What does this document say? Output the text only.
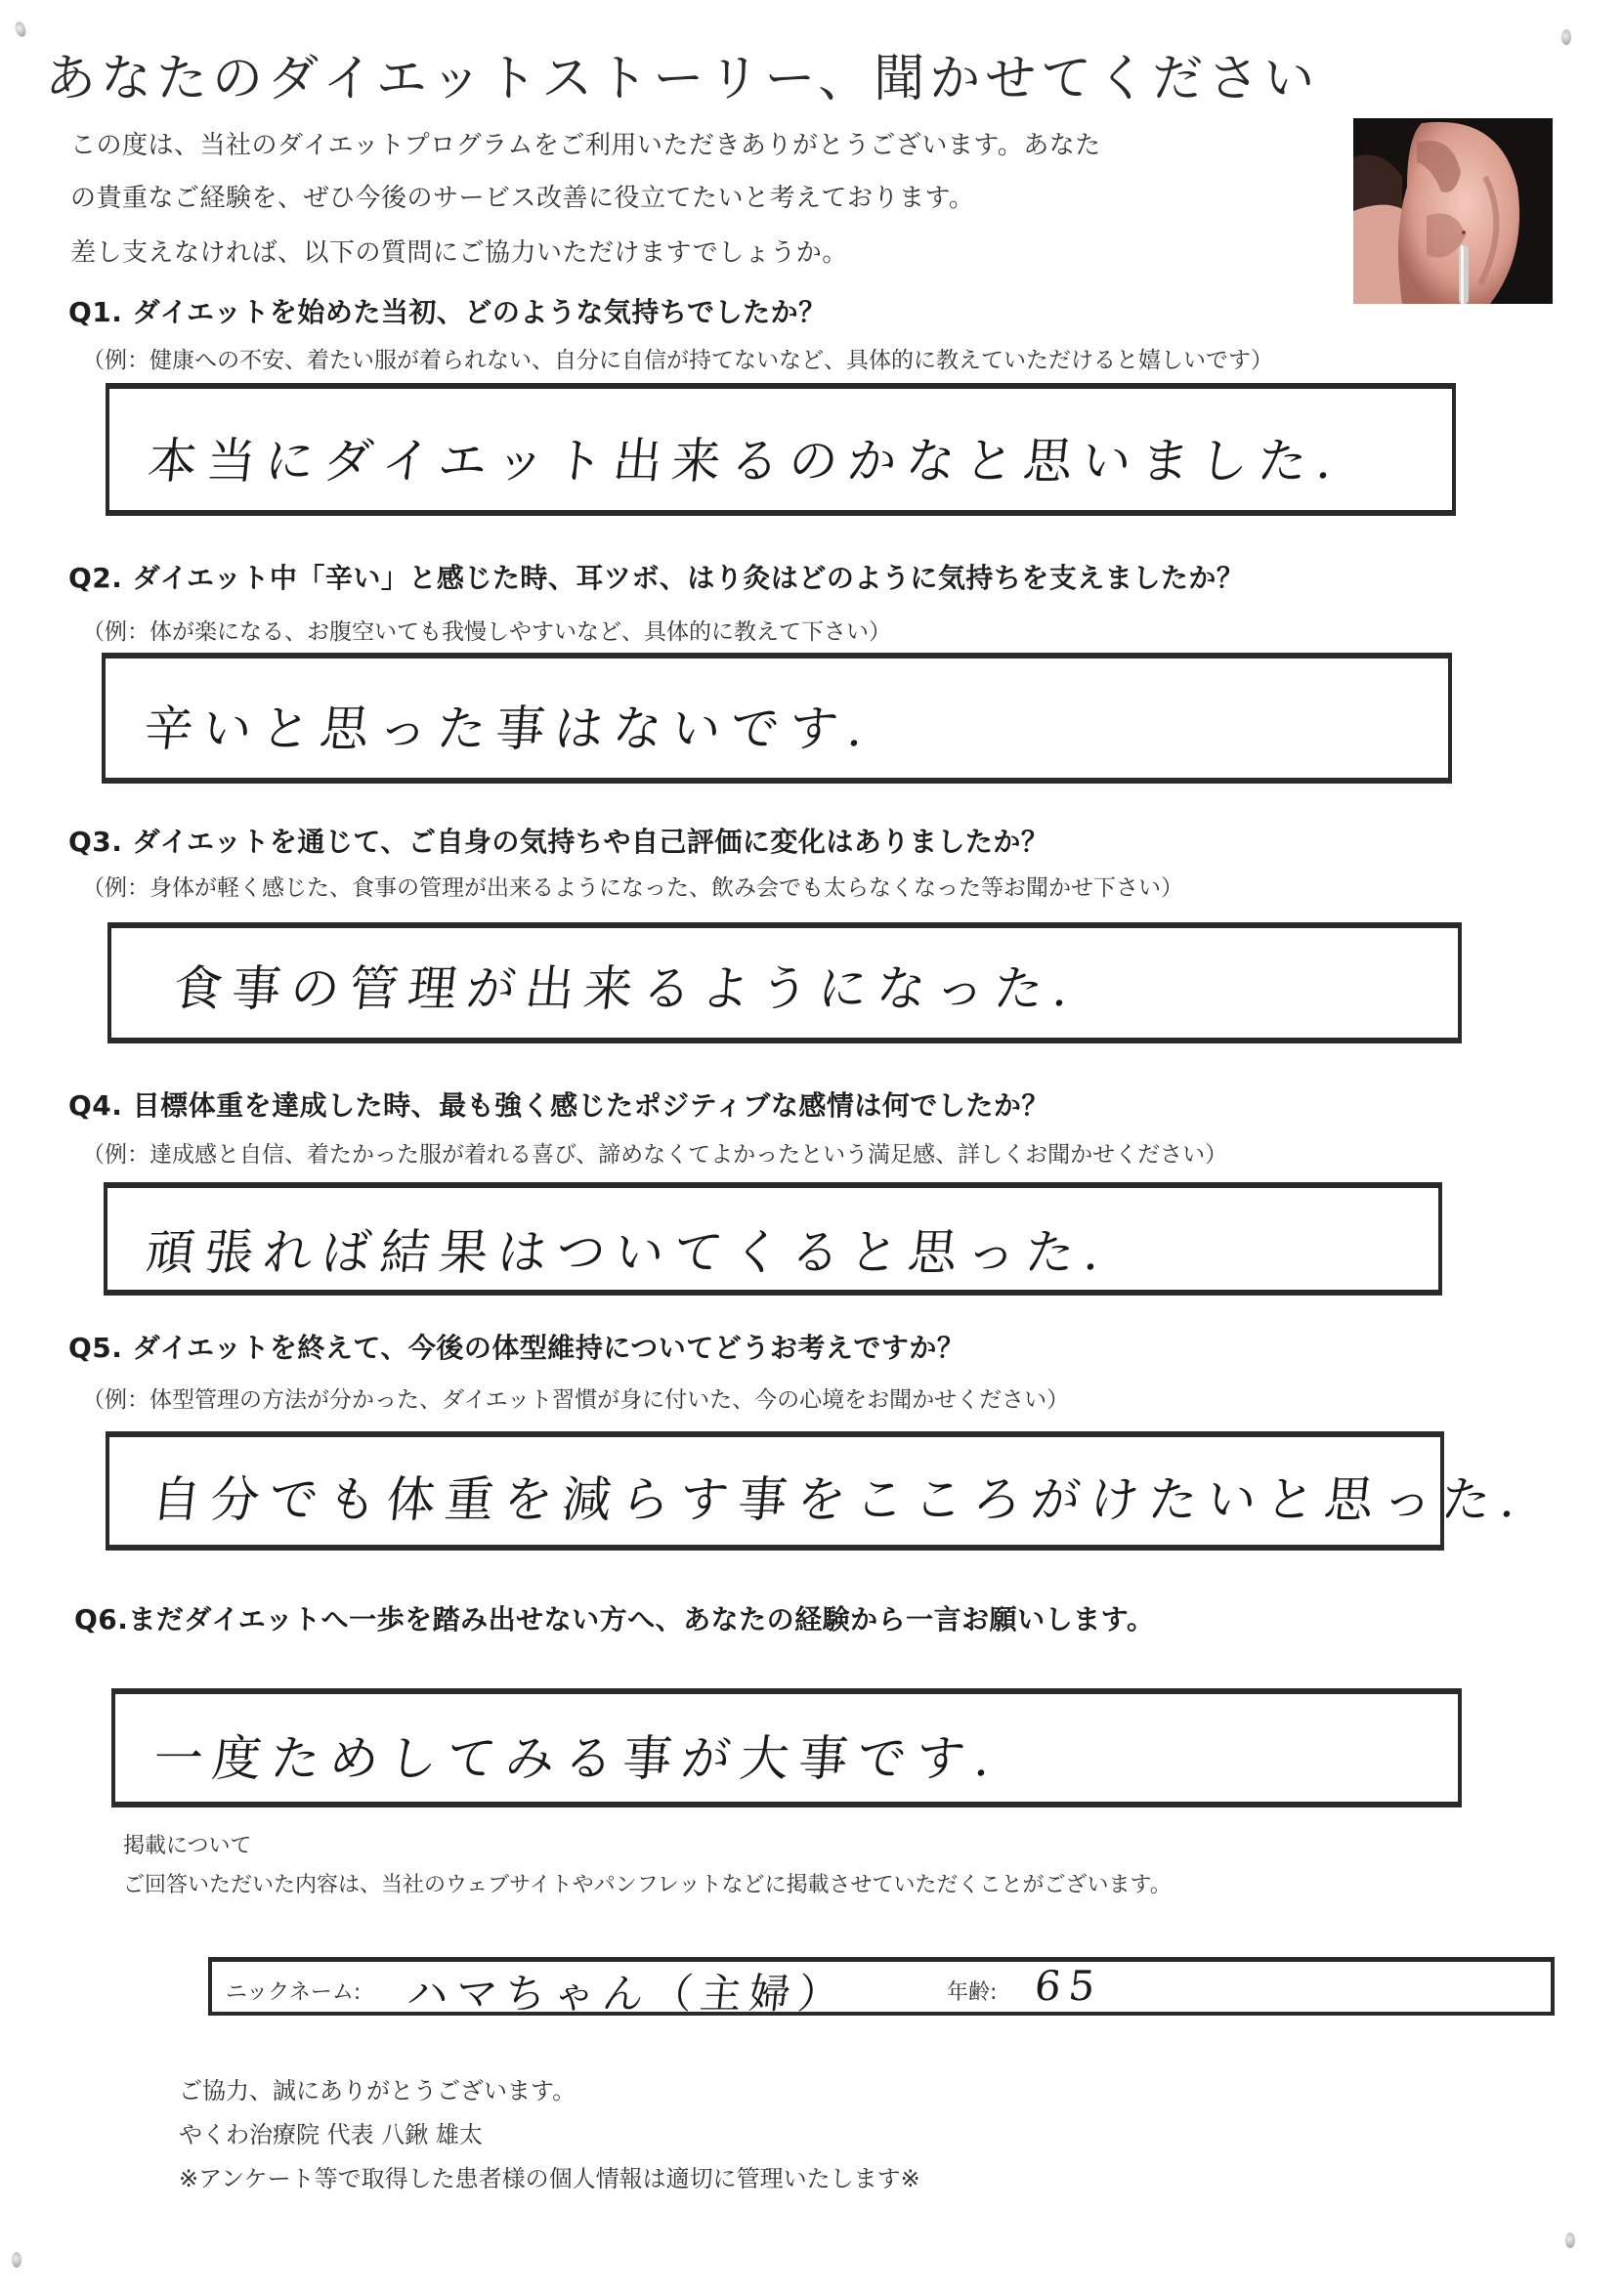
あなたのダイエットストーリー、聞かせてください
この度は、当社のダイエットプログラムをご利用いただきありがとうございます。あなた
の貴重なご経験を、ぜひ今後のサービス改善に役立てたいと考えております。
差し支えなければ、以下の質問にご協力いただけますでしょうか。
Q1. ダイエットを始めた当初、どのような気持ちでしたか？
（例：健康への不安、着たい服が着られない、自分に自信が持てないなど、具体的に教えていただけると嬉しいです）
本当にダイエット出来るのかなと思いました.
Q2. ダイエット中「辛い」と感じた時、耳ツボ、はり灸はどのように気持ちを支えましたか？
（例：体が楽になる、お腹空いても我慢しやすいなど、具体的に教えて下さい）
辛いと思った事はないです.
Q3. ダイエットを通じて、ご自身の気持ちや自己評価に変化はありましたか？
（例：身体が軽く感じた、食事の管理が出来るようになった、飲み会でも太らなくなった等お聞かせ下さい）
食事の管理が出来るようになった.
Q4. 目標体重を達成した時、最も強く感じたポジティブな感情は何でしたか？
（例：達成感と自信、着たかった服が着れる喜び、諦めなくてよかったという満足感、詳しくお聞かせください）
頑張れば結果はついてくると思った.
Q5. ダイエットを終えて、今後の体型維持についてどうお考えですか？
（例：体型管理の方法が分かった、ダイエット習慣が身に付いた、今の心境をお聞かせください）
自分でも体重を減らす事をこころがけたいと思った.
Q6.まだダイエットへ一歩を踏み出せない方へ、あなたの経験から一言お願いします。
一度ためしてみる事が大事です.
掲載について
ご回答いただいた内容は、当社のウェブサイトやパンフレットなどに掲載させていただくことがございます。
ニックネーム: ハマちゃん（主婦）	年齢: 65
ご協力、誠にありがとうございます。
やくわ治療院 代表 八鍬 雄太
※アンケート等で取得した患者様の個人情報は適切に管理いたします※
